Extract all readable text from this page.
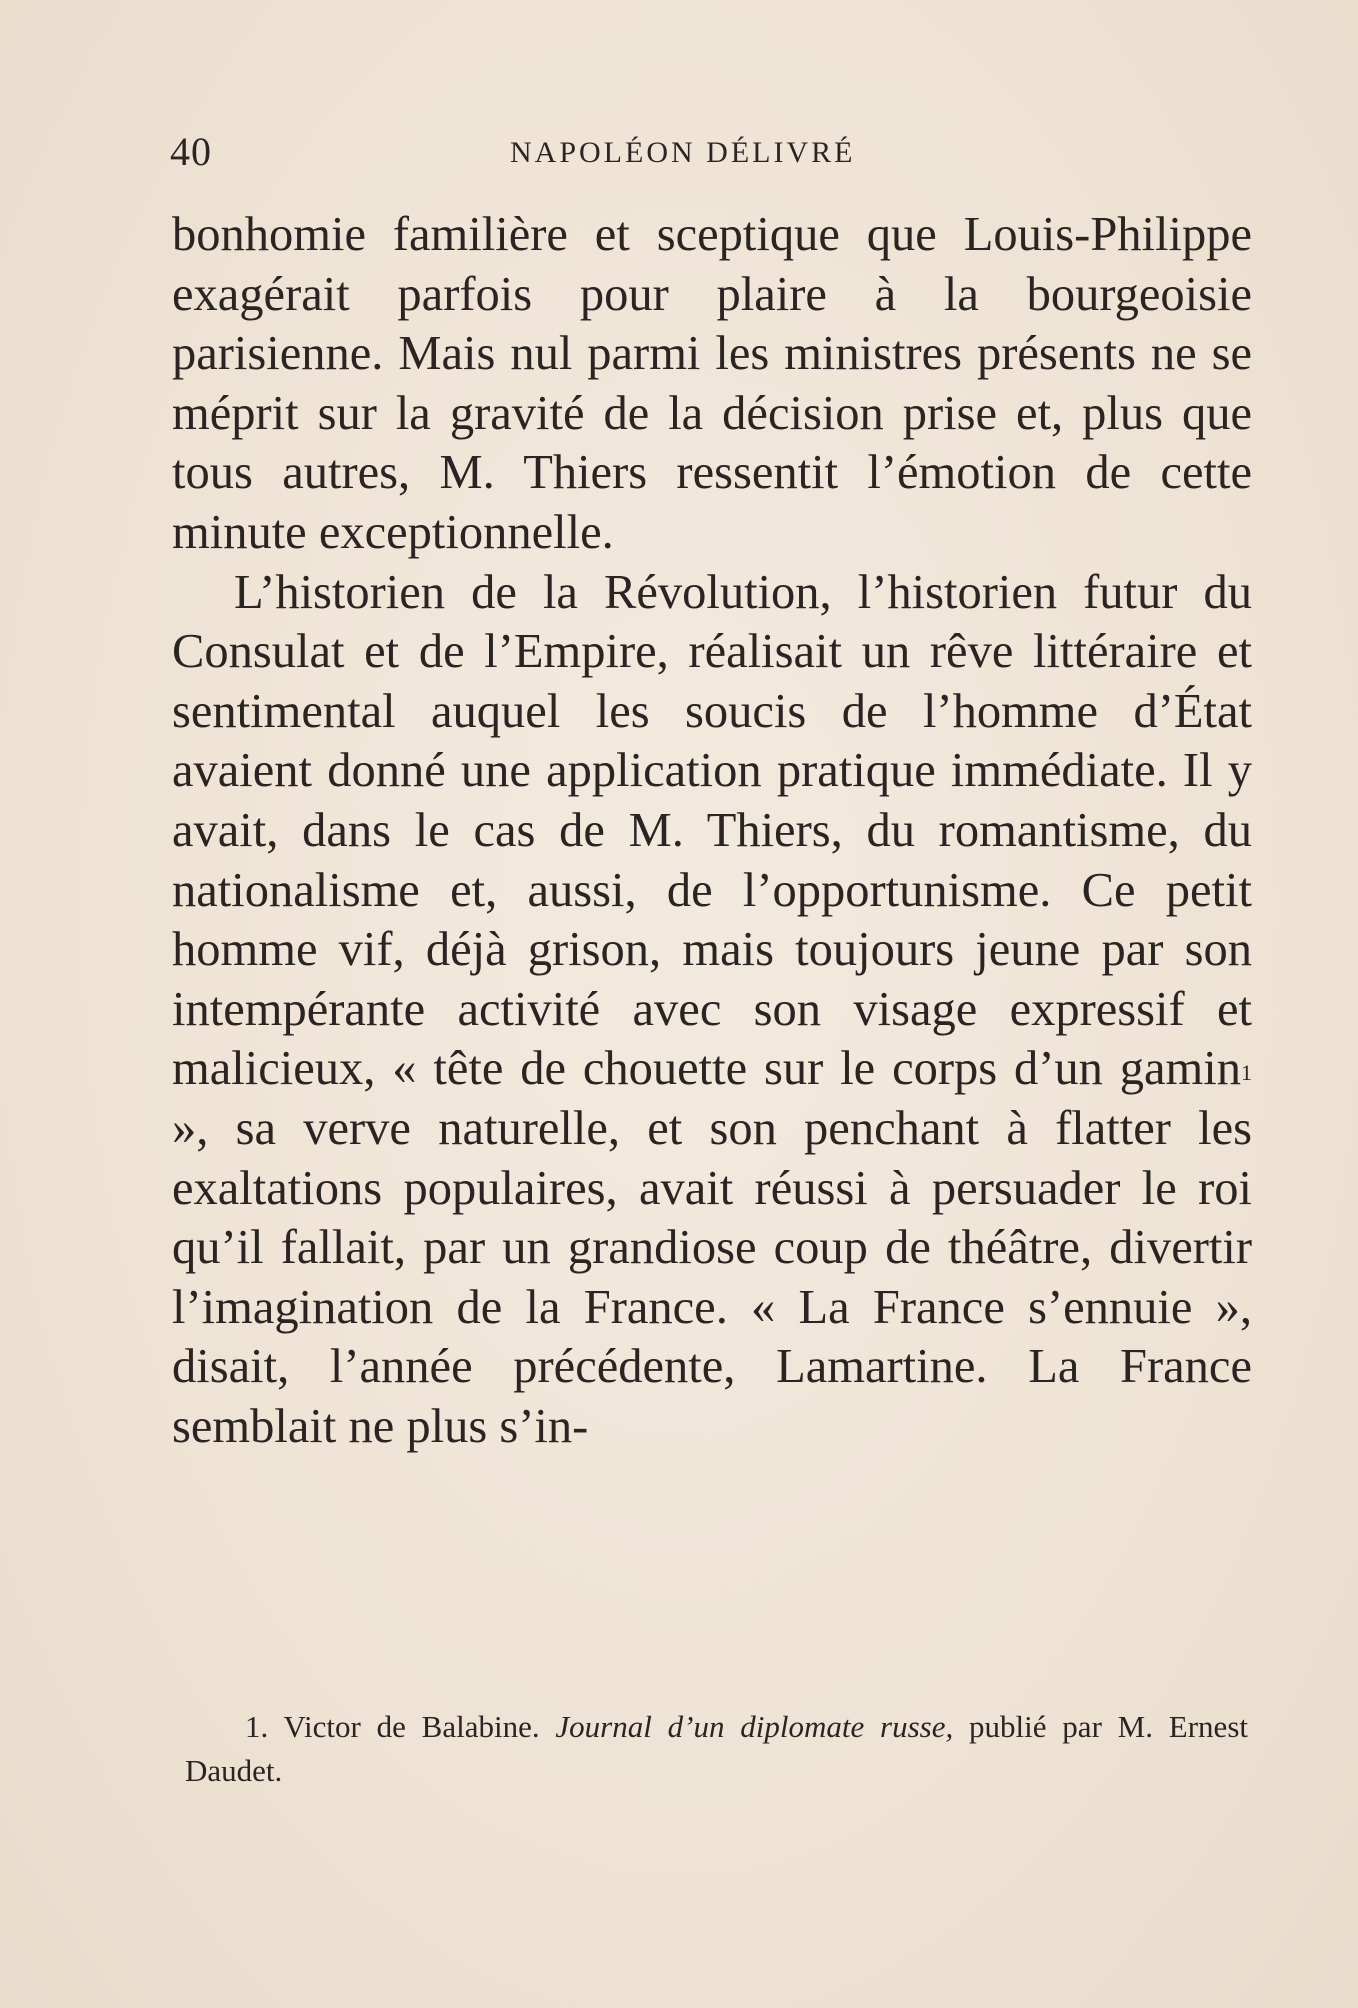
40	NAPOLÉON DÉLIVRÉ

bonhomie familière et sceptique que Louis-Philippe exagérait parfois pour plaire à la bourgeoisie parisienne. Mais nul parmi les ministres présents ne se méprit sur la gravité de la décision prise et, plus que tous autres, M. Thiers ressentit l’émotion de cette minute exceptionnelle.

L’historien de la Révolution, l’historien futur du Consulat et de l’Empire, réalisait un rêve littéraire et sentimental auquel les soucis de l’homme d’État avaient donné une application pratique immédiate. Il y avait, dans le cas de M. Thiers, du romantisme, du nationalisme et, aussi, de l’opportunisme. Ce petit homme vif, déjà grison, mais toujours jeune par son intempérante activité avec son visage expressif et malicieux, « tête de chouette sur le corps d’un gamin$^1$ », sa verve naturelle, et son penchant à flatter les exaltations populaires, avait réussi à persuader le roi qu’il fallait, par un grandiose coup de théâtre, divertir l’imagination de la France. « La France s’ennuie », disait, l’année précédente, Lamartine. La France semblait ne plus s’in-

1. Victor de Balabine. Journal d’un diplomate russe, publié par M. Ernest Daudet.
